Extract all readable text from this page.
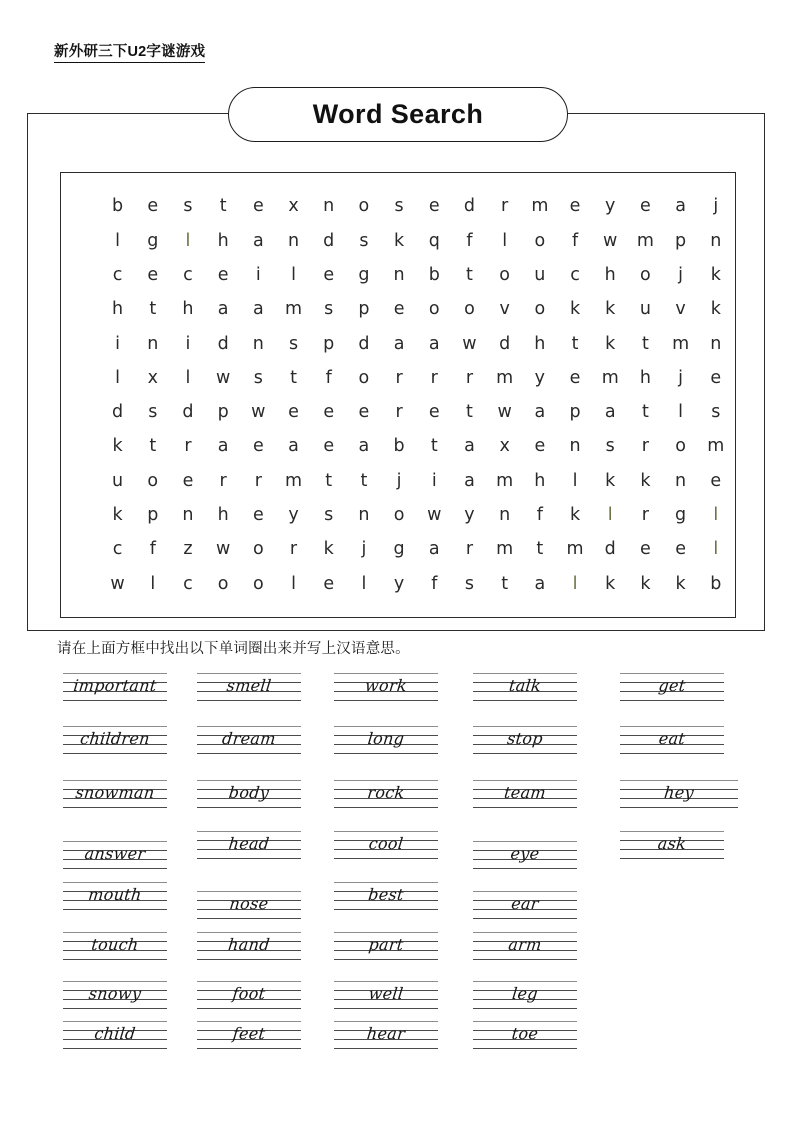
新外研三下U2字谜游戏
Word Search
b	e	s	t	e	x	n	o	s	e	d	r	m	e	y	e	a	j
l	g	l	h	a	n	d	s	k	q	f	l	o	f	w	m	p	n
c	e	c	e	i	l	e	g	n	b	t	o	u	c	h	o	j	k
h	t	h	a	a	m	s	p	e	o	o	v	o	k	k	u	v	k
i	n	i	d	n	s	p	d	a	a	w	d	h	t	k	t	m	n
l	x	l	w	s	t	f	o	r	r	r	m	y	e	m	h	j	e
d	s	d	p	w	e	e	e	r	e	t	w	a	p	a	t	l	s
k	t	r	a	e	a	e	a	b	t	a	x	e	n	s	r	o	m
u	o	e	r	r	m	t	t	j	i	a	m	h	l	k	k	n	e
k	p	n	h	e	y	s	n	o	w	y	n	f	k	l	r	g	l
c	f	z	w	o	r	k	j	g	a	r	m	t	m	d	e	e	l
w	l	c	o	o	l	e	l	y	f	s	t	a	l	k	k	k	b
请在上面方框中找出以下单词圈出来并写上汉语意思。
important
children
snowman
answer
mouth
touch
snowy
child
smell
dream
body
head
nose
hand
foot
feet
work
long
rock
cool
best
part
well
hear
talk
stop
team
eye
ear
arm
leg
toe
get
eat
hey
ask
